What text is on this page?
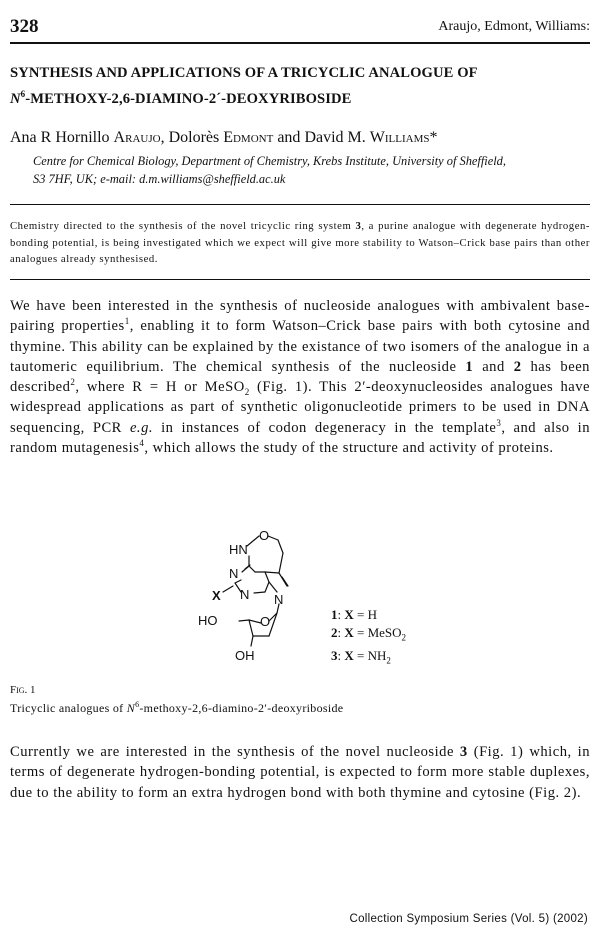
328	Araujo, Edmont, Williams:
SYNTHESIS AND APPLICATIONS OF A TRICYCLIC ANALOGUE OF
$N^6-METHOXY-2,6-DIAMINO-2´$-DEOXYRIBOSIDE
Ana R Hornillo Araujo, Dolorès Edmont and David M. Williams*
Centre for Chemical Biology, Department of Chemistry, Krebs Institute, University of Sheffield,
S3 7HF, UK; e-mail: d.m.williams@sheffield.ac.uk
Chemistry directed to the synthesis of the novel tricyclic ring system 3, a purine analogue with degenerate hydrogen-bonding potential, is being investigated which we expect will give more stability to Watson–Crick base pairs than other analogues already synthesised.
We have been interested in the synthesis of nucleoside analogues with ambivalent base-pairing properties$^1$, enabling it to form Watson–Crick base pairs with both cytosine and thymine. This ability can be explained by the existance of two isomers of the analogue in a tautomeric equilibrium. The chemical synthesis of the nucleoside 1 and 2 has been described$^2$, where R = H or MeSO$_2$ (Fig. 1). This 2′-deoxynucleosides analogues have widespread applications as part of synthetic oligonucleotide primers to be used in DNA sequencing, PCR e.g. in instances of codon degeneracy in the template$^3$, and also in random mutagenesis$^4$, which allows the study of the structure and activity of proteins.
HN
O
N
N N
X
HO	O
OH
1: X = H
2: X = MeSO$_2$
3: $X = NH_2$
Fig. 1
Tricyclic analogues of $N^6-methoxy-2,6-diamino-2'$-deoxyriboside
Currently we are interested in the synthesis of the novel nucleoside 3 (Fig. 1) which, in terms of degenerate hydrogen-bonding potential, is expected to form more stable duplexes, due to the ability to form an extra hydrogen bond with both thymine and cytosine (Fig. 2).
Collection Symposium Series (Vol. 5) (2002)
